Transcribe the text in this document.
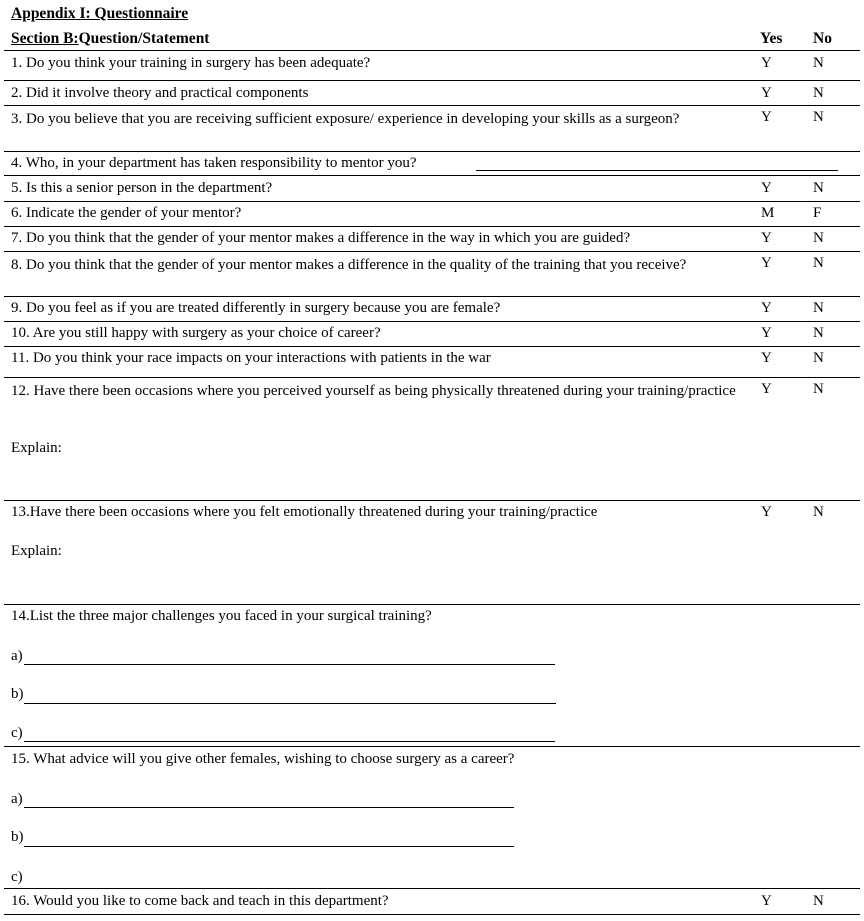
Appendix I: Questionnaire
Section B:Question/Statement	Yes No
1. Do you think your training in surgery has been adequate?	Y	N
2. Did it involve theory and practical components	Y	N
3. Do you believe that you are receiving sufficient exposure/ experience in developing your skills as a surgeon?	Y	N
4. Who, in your department has taken responsibility to mentor you?
5. Is this a senior person in the department?	Y	N
6. Indicate the gender of your mentor?	M	F
7. Do you think that the gender of your mentor makes a difference in the way in which you are guided?	Y	N
8. Do you think that the gender of your mentor makes a difference in the quality of the training that you receive?	Y	N
9. Do you feel as if you are treated differently in surgery because you are female?	Y	N
10. Are you still happy with surgery as your choice of career?	Y	N
11. Do you think your race impacts on your interactions with patients in the war	Y	N
12. Have there been occasions where you perceived yourself as being physically threatened during your training/practice	Y	N
Explain:
13.Have there been occasions where you felt emotionally threatened during your training/practice	Y	N
Explain:
14.List the three major challenges you faced in your surgical training?
a)
b)
c)
15. What advice will you give other females, wishing to choose surgery as a career?
a)
b)
c)
16. Would you like to come back and teach in this department?	Y	N
